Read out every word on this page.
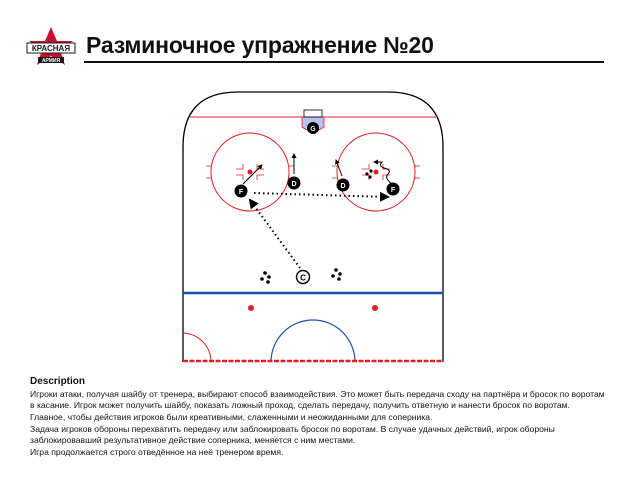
КРАСНАЯ
АРМИЯ
Разминочное упражнение №20
G
F	F
D	D
C
Description

Игроки атаки, получая шайбу от тренера, выбирают способ взаимодействия. Это может быть передача сходу на партнёра и бросок по воротам в касание. Игрок может получить шайбу, показать ложный проход, сделать передачу, получить ответную и нанести бросок по воротам. Главное, чтобы действия игроков были креативными, слаженными и неожиданными для соперника.

Задача игроков обороны перехватить передачу или заблокировать бросок по воротам. В случае удачных действий, игрок обороны заблокировавший результативное действие соперника, меняется с ним местами.

Игра продолжается строго отведённое на неё тренером время.
